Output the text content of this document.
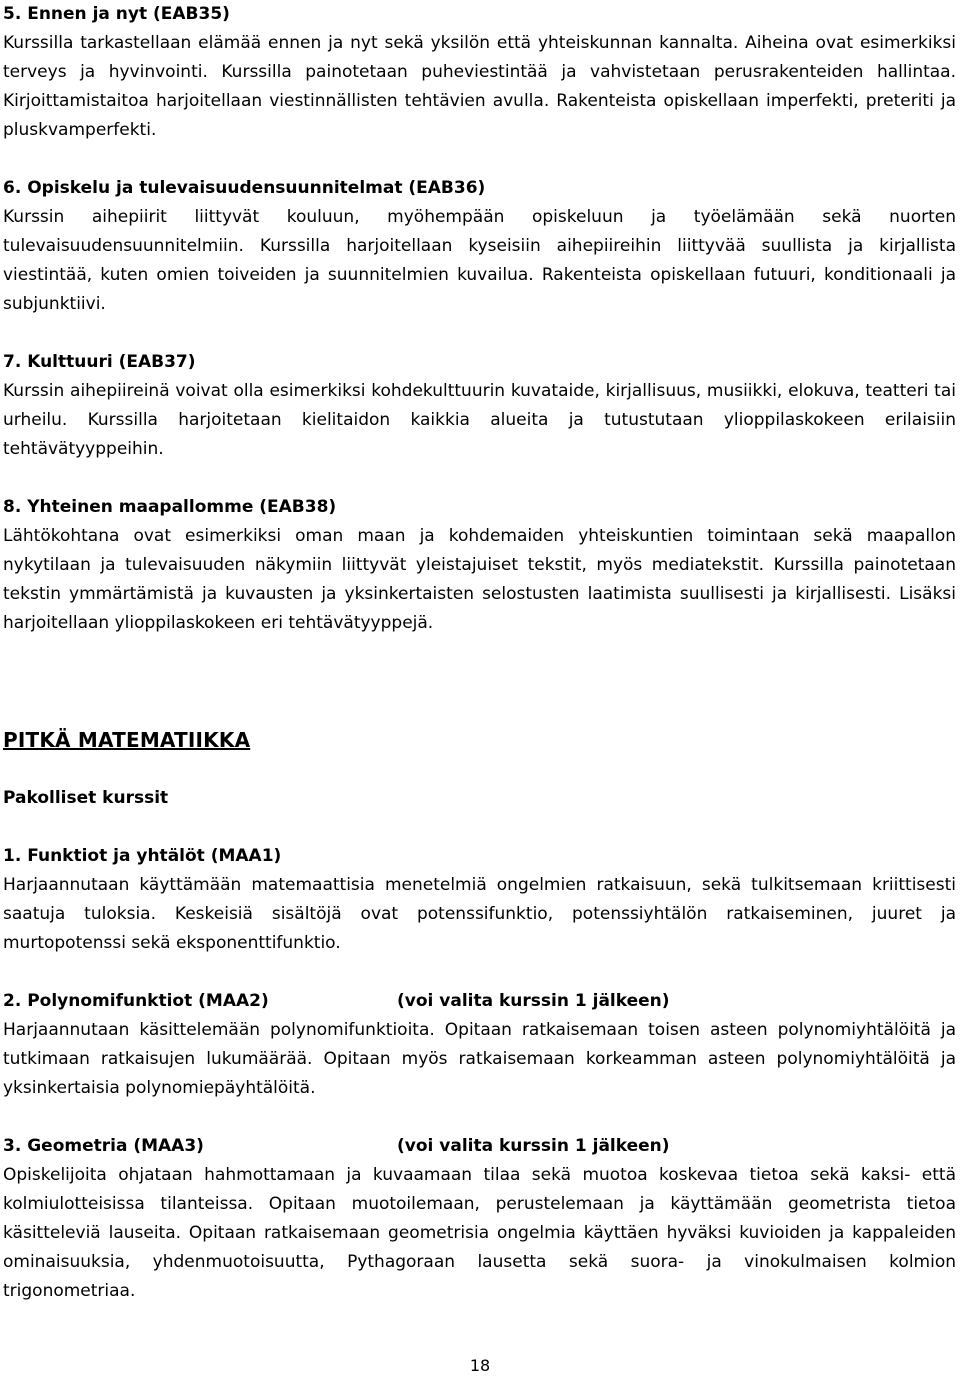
5. Ennen ja nyt (EAB35)

Kurssilla tarkastellaan elämää ennen ja nyt sekä yksilön että yhteiskunnan kannalta. Aiheina ovat esimerkiksi terveys ja hyvinvointi. Kurssilla painotetaan puheviestintää ja vahvistetaan perusrakenteiden hallintaa. Kirjoittamistaitoa harjoitellaan viestinnällisten tehtävien avulla. Rakenteista opiskellaan imperfekti, preteriti ja pluskvamperfekti.

6. Opiskelu ja tulevaisuudensuunnitelmat (EAB36)

Kurssin aihepiirit liittyvät kouluun, myöhempään opiskeluun ja työelämään sekä nuorten tulevaisuudensuunnitelmiin. Kurssilla harjoitellaan kyseisiin aihepiireihin liittyvää suullista ja kirjallista viestintää, kuten omien toiveiden ja suunnitelmien kuvailua. Rakenteista opiskellaan futuuri, konditionaali ja subjunktiivi.

7. Kulttuuri (EAB37)

Kurssin aihepiireinä voivat olla esimerkiksi kohdekulttuurin kuvataide, kirjallisuus, musiikki, elokuva, teatteri tai urheilu. Kurssilla harjoitetaan kielitaidon kaikkia alueita ja tutustutaan ylioppilaskokeen erilaisiin tehtävätyyppeihin.

8. Yhteinen maapallomme (EAB38)

Lähtökohtana ovat esimerkiksi oman maan ja kohdemaiden yhteiskuntien toimintaan sekä maapallon nykytilaan ja tulevaisuuden näkymiin liittyvät yleistajuiset tekstit, myös mediatekstit. Kurssilla painotetaan tekstin ymmärtämistä ja kuvausten ja yksinkertaisten selostusten laatimista suullisesti ja kirjallisesti. Lisäksi harjoitellaan ylioppilaskokeen eri tehtävätyyppejä.

PITKÄ MATEMATIIKKA

Pakolliset kurssit

1. Funktiot ja yhtälöt (MAA1)

Harjaannutaan käyttämään matemaattisia menetelmiä ongelmien ratkaisuun, sekä tulkitsemaan kriittisesti saatuja tuloksia. Keskeisiä sisältöjä ovat potenssifunktio, potenssiyhtälön ratkaiseminen, juuret ja murtopotenssi sekä eksponenttifunktio.

2. Polynomifunktiot (MAA2)	(voi valita kurssin 1 jälkeen)

Harjaannutaan käsittelemään polynomifunktioita. Opitaan ratkaisemaan toisen asteen polynomiyhtälöitä ja tutkimaan ratkaisujen lukumäärää. Opitaan myös ratkaisemaan korkeamman asteen polynomiyhtälöitä ja yksinkertaisia polynomiepäyhtälöitä.

3. Geometria (MAA3)	(voi valita kurssin 1 jälkeen)

Opiskelijoita ohjataan hahmottamaan ja kuvaamaan tilaa sekä muotoa koskevaa tietoa sekä kaksi- että kolmiulotteisissa tilanteissa. Opitaan muotoilemaan, perustelemaan ja käyttämään geometrista tietoa käsitteleviä lauseita. Opitaan ratkaisemaan geometrisia ongelmia käyttäen hyväksi kuvioiden ja kappaleiden ominaisuuksia, yhdenmuotoisuutta, Pythagoraan lausetta sekä suora- ja vinokulmaisen kolmion trigonometriaa.

18
